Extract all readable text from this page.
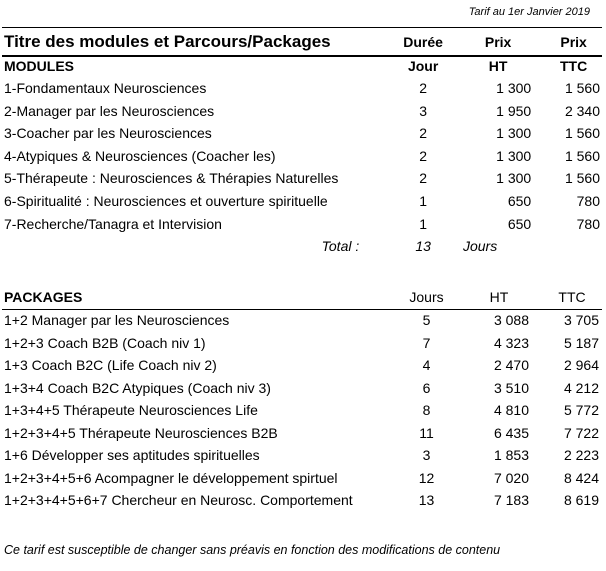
Tarif au 1er Janvier 2019
Titre des modules et Parcours/Packages	Durée	Prix	Prix
MODULES	Jour	HT	TTC
1-Fondamentaux Neurosciences	2	1 300	1 560
2-Manager par les Neurosciences	3	1 950	2 340
3-Coacher par les Neurosciences	2	1 300	1 560
4-Atypiques & Neurosciences (Coacher les)	2	1 300	1 560
5-Thérapeute : Neurosciences & Thérapies Naturelles	2	1 300	1 560
6-Spiritualité : Neurosciences et ouverture spirituelle	1	650	780
7-Recherche/Tanagra et Intervision	1	650	780
Total :	13	Jours	
PACKAGES	Jours	HT	TTC
1+2 Manager par les Neurosciences	5	3 088	3 705
1+2+3 Coach B2B (Coach niv 1)	7	4 323	5 187
1+3 Coach B2C (Life Coach niv 2)	4	2 470	2 964
1+3+4 Coach B2C Atypiques (Coach niv 3)	6	3 510	4 212
1+3+4+5 Thérapeute Neurosciences Life	8	4 810	5 772
1+2+3+4+5 Thérapeute Neurosciences B2B	11	6 435	7 722
1+6 Développer ses aptitudes spirituelles	3	1 853	2 223
1+2+3+4+5+6 Acompagner le développement spirtuel	12	7 020	8 424
1+2+3+4+5+6+7 Chercheur en Neurosc. Comportement	13	7 183	8 619
Ce tarif est susceptible de changer sans préavis en fonction des modifications de contenu
